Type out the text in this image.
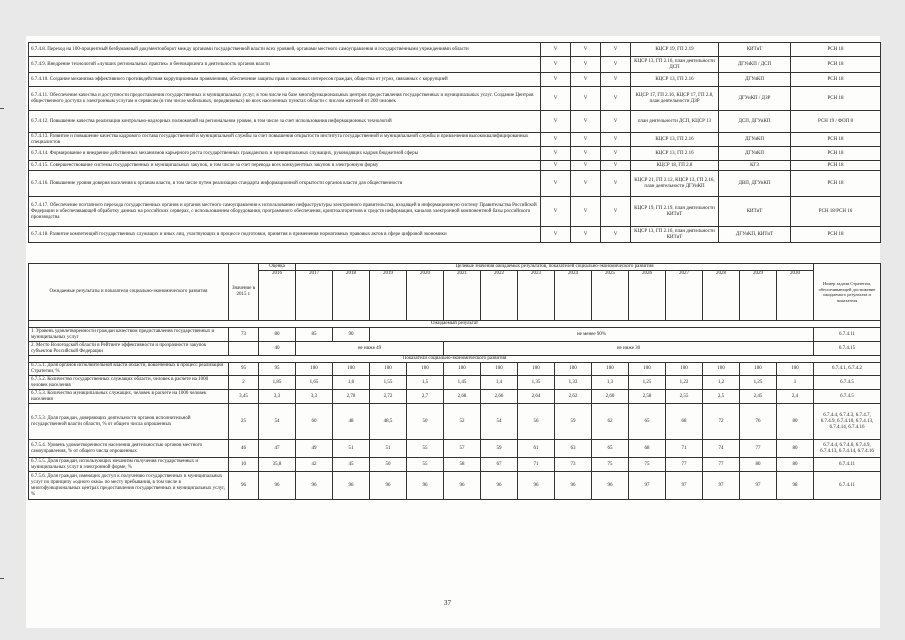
6.7.4.8. Переход на 100-процентный безбумажный документооборот между органами государственной власти всех уровней, органами местного самоуправления и государственными учреждениями области	V	V	V	КЦСР 19, ГП 2.19	КИТиТ	РСН 18
6.7.4.9. Внедрение технологий «лучших региональных практик» и бенчмаркинга в деятельность органов власти	V	V	V	КЦСР 13, ГП 2.16, план деятельности ДСП	ДГУиКП / ДСП	РСН 18
6.7.4.10. Создание механизма эффективного противодействия коррупционным проявлениям, обеспечение защиты прав и законных интересов граждан, общества от угроз, связанных с коррупцией	V	V	V	КЦСР 13, ГП 2.16	ДГУиКП	РСН 18
6.7.4.11. Обеспечение качества и доступности предоставления государственных и муниципальных услуг, в том числе на базе многофункциональных центров предоставления государственных и муниципальных услуг. Создание Центров общественного доступа к электронным услугам и сервисам (в том числе мобильных, передвижных) во всех населенных пунктах области с числом жителей от 200 человек	V	V	V	КЦСР 17, ГП 2.16, КЦСР 17, ГП 2.8, план деятельности ДЗР	ДГУиКП / ДЗР	РСН 18
6.7.4.12. Повышение качества реализации контрольно-надзорных полномочий на региональном уровне, в том числе за счет использования информационных технологий	V	V	V	план деятельности ДСП, КЦСР 13	ДСП, ДГУиКП	РСН 19 / ФОП 8
6.7.4.13. Развитие и повышение качества кадрового состава государственной и муниципальной службы за счет повышения открытости института государственной и муниципальной службы и привлечения высококвалифицированных специалистов	V	V	V	КЦСР 13, ГП 2.16	ДГУиКП	РСН 18
6.7.4.14. Формирование и внедрение действенных механизмов карьерного роста государственных гражданских и муниципальных служащих, руководящих кадров бюджетной сферы	V	V	V	КЦСР 13, ГП 2.16	ДГУиКП	РСН 18
6.7.4.15. Совершенствование системы государственных и муниципальных закупок, в том числе за счет перевода всех конкурентных закупок в электронную форму	V	V	V	КЦСР 18, ГП 2.8	КГЗ	РСН 18
6.7.4.16. Повышение уровня доверия населения к органам власти, в том числе путем реализации стандарта информационной открытости органов власти для общественности	V	V	V	КЦСР 21, ГП 2.12, КЦСР 13, ГП 2.16, план деятельности ДГУиКП	ДВП, ДГУиКП	РСН 18
6.7.4.17. Обеспечение поэтапного перехода государственных органов и органов местного самоуправления к использованию инфраструктуры электронного правительства, входящей в информационную систему Правительства Российской Федерации и обеспечивающей обработку данных на российских серверах, с использованием оборудования, программного обеспечения, криптоалгоритмов и средств информации, каналов электронной компонентной базы российского производства	V	V	V	КЦСР 19, ГП 2.19, план деятельности КИТиТ	КИТиТ	РСН 18/РСН 16
6.7.4.18. Развитие компетенций государственных служащих и иных лиц, участвующих в процессе подготовки, принятия и применения нормативных правовых актов в сфере цифровой экономики	V	V	V	КЦСР 13, ГП 2.16, план деятельности КИТиТ	ДГУиКП, КИТиТ	РСН 18
Ожидаемые результаты и показатели социально-экономического развития	Значение в 2015 г.	Оценка	Целевые значения ожидаемых результатов, показателей социально-экономического развития														Номер задачи Стратегии, обеспечивающей достижение ожидаемого результата и показателя
		2016	2017	2018	2019	2020	2021	2022	2023	2024	2025	2026	2027	2028	2029	2030	
Ожидаемый результат																	
1. Уровень удовлетворенности граждан качеством предоставления государственных и муниципальных услуг	73	80	85	90	не менее 90%												6.7.4.11
2. Место Вологодской области в Рейтинге эффективности и прозрачности закупок субъектов Российской Федерации		40	не ниже 49				не ниже 30										6.7.4.15
Показатели социально-экономического развития																	
6.7.5.1. Доля органов исполнительной власти области, вовлеченных в процесс реализации Стратегии, %	95	95	100	100	100	100	100	100	100	100	100	100	100	100	100	100	6.7.4.1, 6.7.4.2
6.7.5.2. Количество государственных служащих области, человек в расчете на 1000 человек населения	2	1,85	1,65	1,6	1,55	1,5	1,45	1,4	1,35	1,33	1,3	1,25	1,22	1,2	1,25	1	6.7.4.5
6.7.5.3. Количество муниципальных служащих, человек в расчете на 1000 человек населения	3,45	3,3	3,3	2,78	2,72	2,7	2,68	2,66	2,64	2,62	2,60	2,58	2,55	2,5	2,45	2,4	6.7.4.5
6.7.5.3. Доля граждан, доверяющих деятельности органов исполнительной государственной власти области, % от общего числа опрошенных	25	54	60	48	48,5	50	52	54	56	59	62	65	68	72	76	80	6.7.4.4, 6.7.4.3, 6.7.4.7, 6.7.4.9, 6.7.4.10, 6.7.4.13, 6.7.4.14, 6.7.4.16
6.7.5.4. Уровень удовлетворенности населения деятельностью органов местного самоуправления, % от общего числа опрошенных	46	47	49	51	51	55	57	59	61	63	65	68	71	74	77	80	6.7.4.4, 6.7.4.6, 6.7.4.9, 6.7.4.13, 6.7.4.14, 6.7.4.16
6.7.5.5. Доля граждан, использующих механизм получения государственных и муниципальных услуг в электронной форме, %	10	35,8	42	45	50	55	58	67	71	73	75	75	77	77	80	80	6.7.4.11
6.7.5.6. Доля граждан, имеющих доступ к получению государственных и муниципальных услуг по принципу «одного окна» по месту пребывания, в том числе в многофункциональных центрах предоставления государственных и муниципальных услуг, %	96	96	96	96	96	96	96	96	96	96	96	97	97	97	97	98	6.7.4.11
37
